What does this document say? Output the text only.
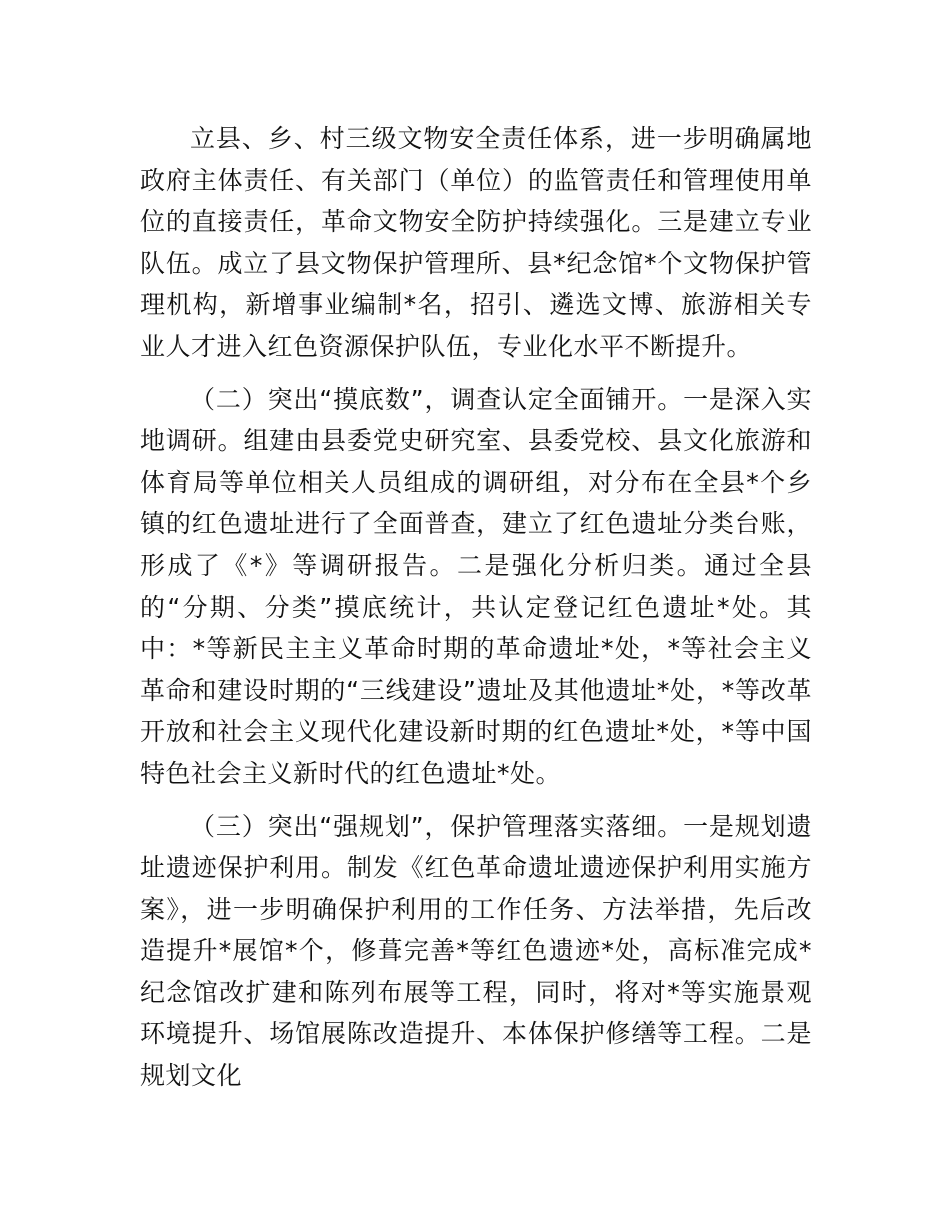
立县、乡、村三级文物安全责任体系，进一步明确属地政府主体责任、有关部门（单位）的监管责任和管理使用单位的直接责任，革命文物安全防护持续强化。三是建立专业队伍。成立了县文物保护管理所、县*纪念馆*个文物保护管理机构，新增事业编制*名，招引、遴选文博、旅游相关专业人才进入红色资源保护队伍，专业化水平不断提升。

（二）突出“摸底数”，调查认定全面铺开。一是深入实地调研。组建由县委党史研究室、县委党校、县文化旅游和体育局等单位相关人员组成的调研组，对分布在全县*个乡镇的红色遗址进行了全面普查，建立了红色遗址分类台账，形成了《*》等调研报告。二是强化分析归类。通过全县的“分期、分类”摸底统计，共认定登记红色遗址*处。其中：*等新民主主义革命时期的革命遗址*处，*等社会主义革命和建设时期的“三线建设”遗址及其他遗址*处，*等改革开放和社会主义现代化建设新时期的红色遗址*处，*等中国特色社会主义新时代的红色遗址*处。

（三）突出“强规划”，保护管理落实落细。一是规划遗址遗迹保护利用。制发《红色革命遗址遗迹保护利用实施方案》，进一步明确保护利用的工作任务、方法举措，先后改造提升*展馆*个，修葺完善*等红色遗迹*处，高标准完成*纪念馆改扩建和陈列布展等工程，同时，将对*等实施景观环境提升、场馆展陈改造提升、本体保护修缮等工程。二是规划文化
